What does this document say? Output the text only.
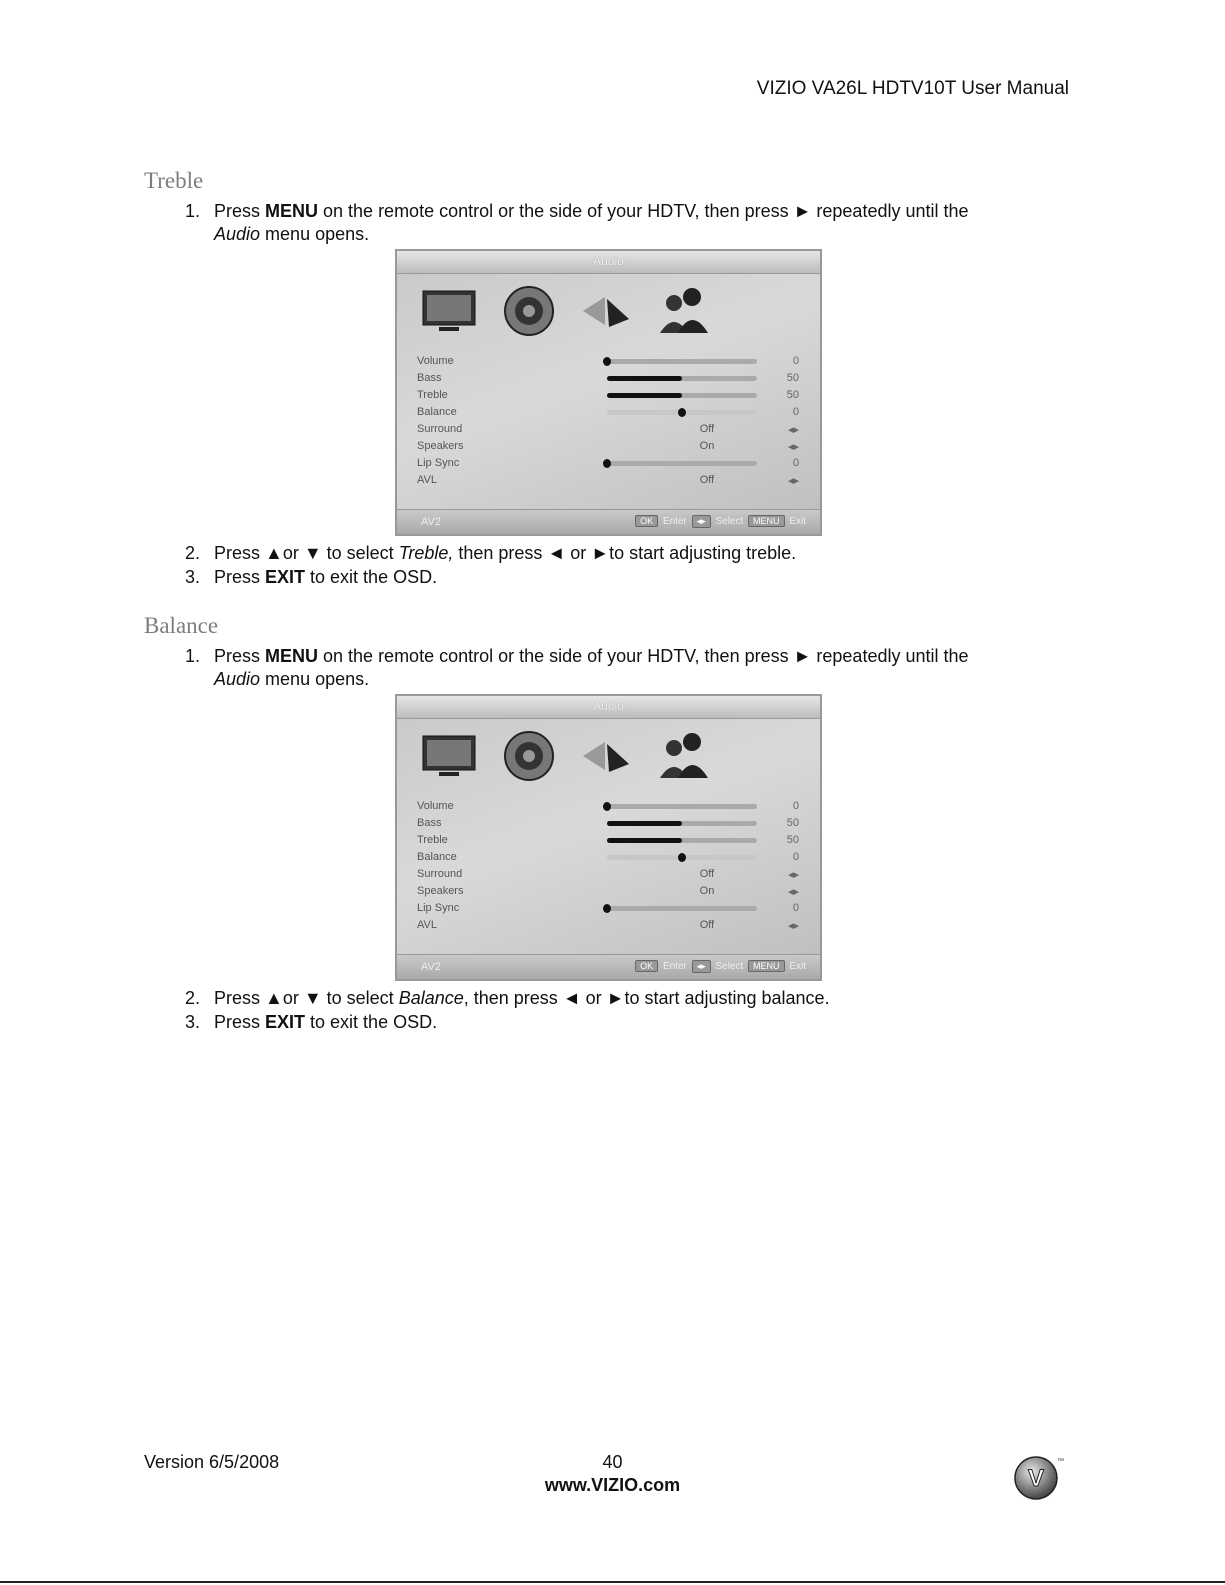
VIZIO VA26L HDTV10T User Manual
Treble
1. Press MENU on the remote control or the side of your HDTV, then press ► repeatedly until the
Audio menu opens.
Audio
Volume	0
Bass	50
Treble	50
Balance	0
Surround	Off	◂▸
Speakers	On	◂▸
Lip Sync	0
AVL	Off	◂▸
AV2	OK Enter ◂▸ Select MENU Exit
2. Press ▲or ▼ to select Treble, then press ◄ or ►to start adjusting treble.
3. Press EXIT to exit the OSD.
Balance
1. Press MENU on the remote control or the side of your HDTV, then press ► repeatedly until the
Audio menu opens.
Audio
Volume	0
Bass	50
Treble	50
Balance	0
Surround	Off	◂▸
Speakers	On	◂▸
Lip Sync	0
AVL	Off	◂▸
AV2	OK Enter ◂▸ Select MENU Exit
2. Press ▲or ▼ to select Balance, then press ◄ or ►to start adjusting balance.
3. Press EXIT to exit the OSD.
Version 6/5/2008	40
www.VIZIO.com	V
™
